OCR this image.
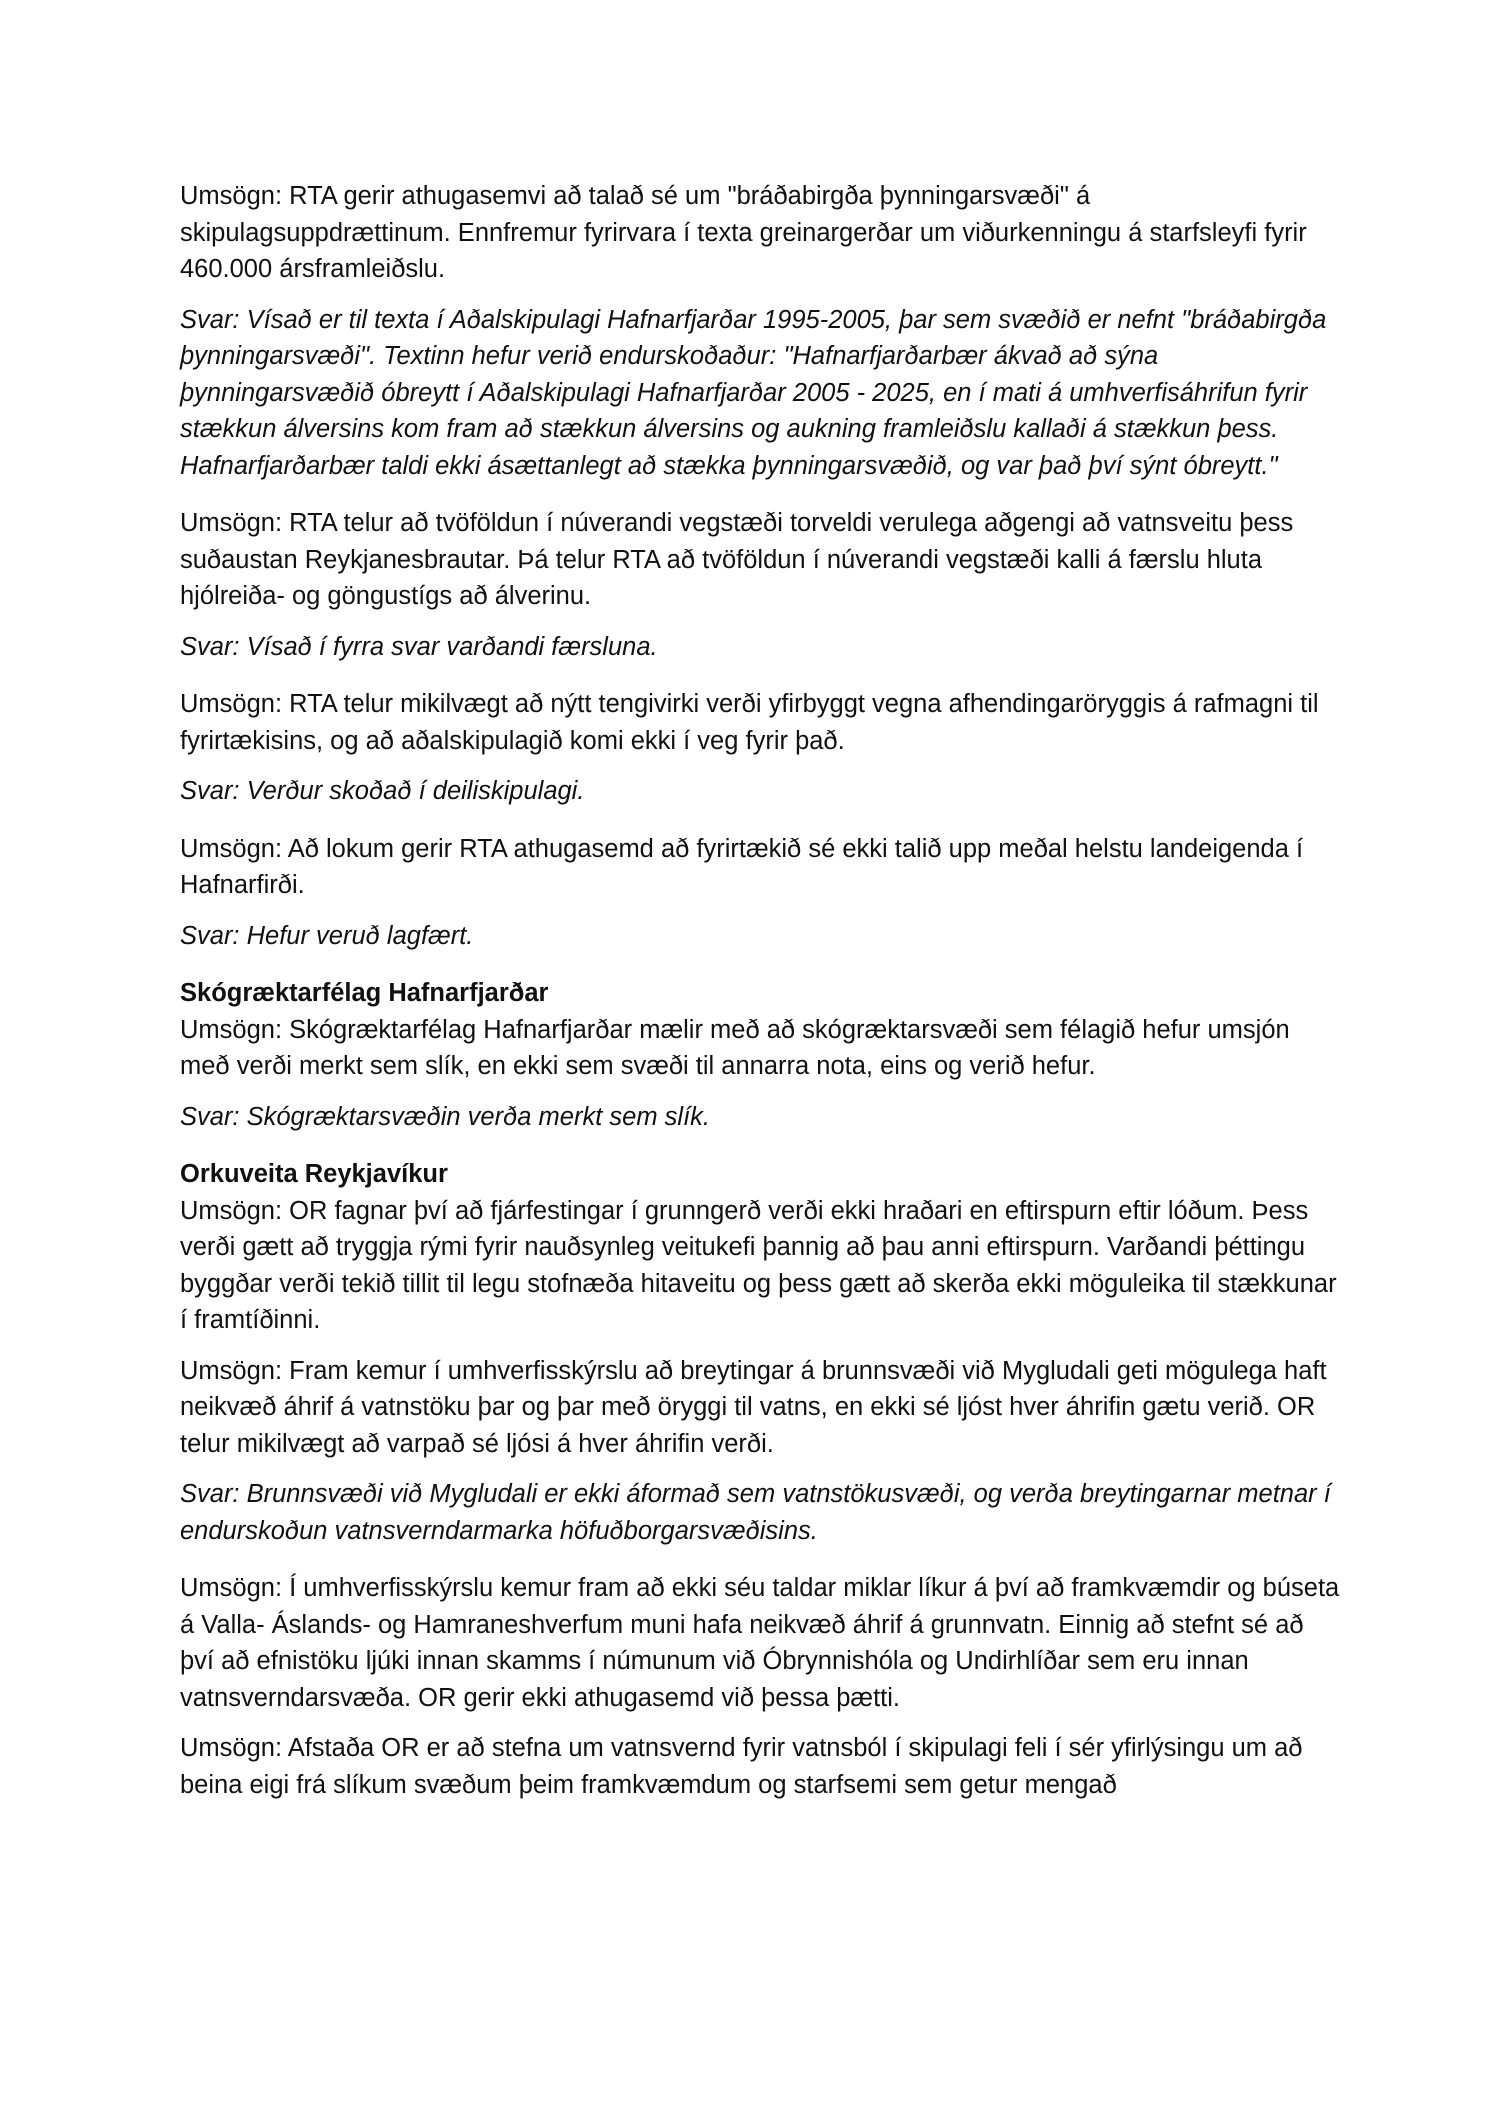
Umsögn: RTA gerir athugasemvi að talað sé um "bráðabirgða þynningarsvæði" á skipulagsuppdrættinum. Ennfremur fyrirvara í texta greinargerðar um viðurkenningu á starfsleyfi fyrir 460.000 ársframleiðslu.

Svar: Vísað er til texta í Aðalskipulagi Hafnarfjarðar 1995-2005, þar sem svæðið er nefnt "bráðabirgða þynningarsvæði". Textinn hefur verið endurskoðaður: "Hafnarfjarðarbær ákvað að sýna þynningarsvæðið óbreytt í Aðalskipulagi Hafnarfjarðar 2005 - 2025, en í mati á umhverfisáhrifun fyrir stækkun álversins kom fram að stækkun álversins og aukning framleiðslu kallaði á stækkun þess. Hafnarfjarðarbær taldi ekki ásættanlegt að stækka þynningarsvæðið, og var það því sýnt óbreytt."

Umsögn: RTA telur að tvöföldun í núverandi vegstæði torveldi verulega aðgengi að vatnsveitu þess suðaustan Reykjanesbrautar. Þá telur RTA að tvöföldun í núverandi vegstæði kalli á færslu hluta hjólreiða- og göngustígs að álverinu.

Svar: Vísað í fyrra svar varðandi færsluna.

Umsögn: RTA telur mikilvægt að nýtt tengivirki verði yfirbyggt vegna afhendingaröryggis á rafmagni til fyrirtækisins, og að aðalskipulagið komi ekki í veg fyrir það.

Svar: Verður skoðað í deiliskipulagi.

Umsögn: Að lokum gerir RTA athugasemd að fyrirtækið sé ekki talið upp meðal helstu landeigenda í Hafnarfirði.

Svar: Hefur veruð lagfært.

Skógræktarfélag Hafnarfjarðar

Umsögn: Skógræktarfélag Hafnarfjarðar mælir með að skógræktarsvæði sem félagið hefur umsjón með verði merkt sem slík, en ekki sem svæði til annarra nota, eins og verið hefur.

Svar: Skógræktarsvæðin verða merkt sem slík.

Orkuveita Reykjavíkur

Umsögn: OR fagnar því að fjárfestingar í grunngerð verði ekki hraðari en eftirspurn eftir lóðum. Þess verði gætt að tryggja rými fyrir nauðsynleg veitukefi þannig að þau anni eftirspurn. Varðandi þéttingu byggðar verði tekið tillit til legu stofnæða hitaveitu og þess gætt að skerða ekki möguleika til stækkunar í framtíðinni.

Umsögn: Fram kemur í umhverfisskýrslu að breytingar á brunnsvæði við Mygludali geti mögulega haft neikvæð áhrif á vatnstöku þar og þar með öryggi til vatns, en ekki sé ljóst hver áhrifin gætu verið. OR telur mikilvægt að varpað sé ljósi á hver áhrifin verði.

Svar: Brunnsvæði við Mygludali er ekki áformað sem vatnstökusvæði, og verða breytingarnar metnar í endurskoðun vatnsverndarmarka höfuðborgarsvæðisins.

Umsögn: Í umhverfisskýrslu kemur fram að ekki séu taldar miklar líkur á því að framkvæmdir og búseta á Valla- Áslands- og Hamraneshverfum muni hafa neikvæð áhrif á grunnvatn. Einnig að stefnt sé að því að efnistöku ljúki innan skamms í númunum við Óbrynnishóla og Undirhlíðar sem eru innan vatnsverndarsvæða. OR gerir ekki athugasemd við þessa þætti.

Umsögn: Afstaða OR er að stefna um vatnsvernd fyrir vatnsból í skipulagi feli í sér yfirlýsingu um að beina eigi frá slíkum svæðum þeim framkvæmdum og starfsemi sem getur mengað
